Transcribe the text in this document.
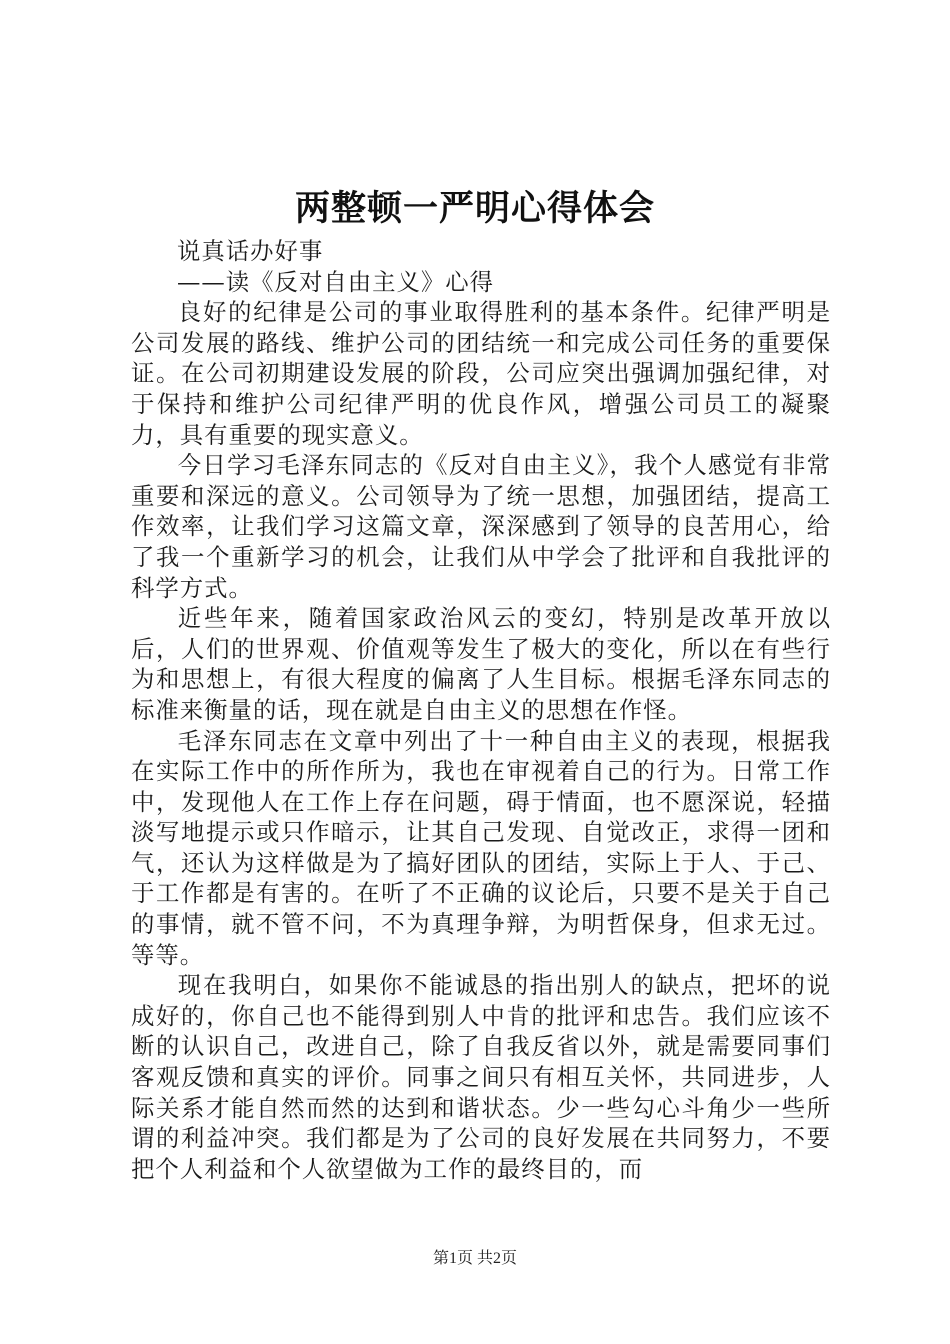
两整顿一严明心得体会

说真话办好事

——读《反对自由主义》心得

良好的纪律是公司的事业取得胜利的基本条件。纪律严明是公司发展的路线、维护公司的团结统一和完成公司任务的重要保证。在公司初期建设发展的阶段，公司应突出强调加强纪律，对于保持和维护公司纪律严明的优良作风，增强公司员工的凝聚力，具有重要的现实意义。

今日学习毛泽东同志的《反对自由主义》，我个人感觉有非常重要和深远的意义。公司领导为了统一思想，加强团结，提高工作效率，让我们学习这篇文章，深深感到了领导的良苦用心，给了我一个重新学习的机会，让我们从中学会了批评和自我批评的科学方式。

近些年来，随着国家政治风云的变幻，特别是改革开放以后，人们的世界观、价值观等发生了极大的变化，所以在有些行为和思想上，有很大程度的偏离了人生目标。根据毛泽东同志的标准来衡量的话，现在就是自由主义的思想在作怪。

毛泽东同志在文章中列出了十一种自由主义的表现，根据我在实际工作中的所作所为，我也在审视着自己的行为。日常工作中，发现他人在工作上存在问题，碍于情面，也不愿深说，轻描淡写地提示或只作暗示，让其自己发现、自觉改正，求得一团和气，还认为这样做是为了搞好团队的团结，实际上于人、于己、于工作都是有害的。在听了不正确的议论后，只要不是关于自己的事情，就不管不问，不为真理争辩，为明哲保身，但求无过。等等。

现在我明白，如果你不能诚恳的指出别人的缺点，把坏的说成好的，你自己也不能得到别人中肯的批评和忠告。我们应该不断的认识自己，改进自己，除了自我反省以外，就是需要同事们客观反馈和真实的评价。同事之间只有相互关怀，共同进步，人际关系才能自然而然的达到和谐状态。少一些勾心斗角少一些所谓的利益冲突。我们都是为了公司的良好发展在共同努力，不要把个人利益和个人欲望做为工作的最终目的，而

第1页 共2页
